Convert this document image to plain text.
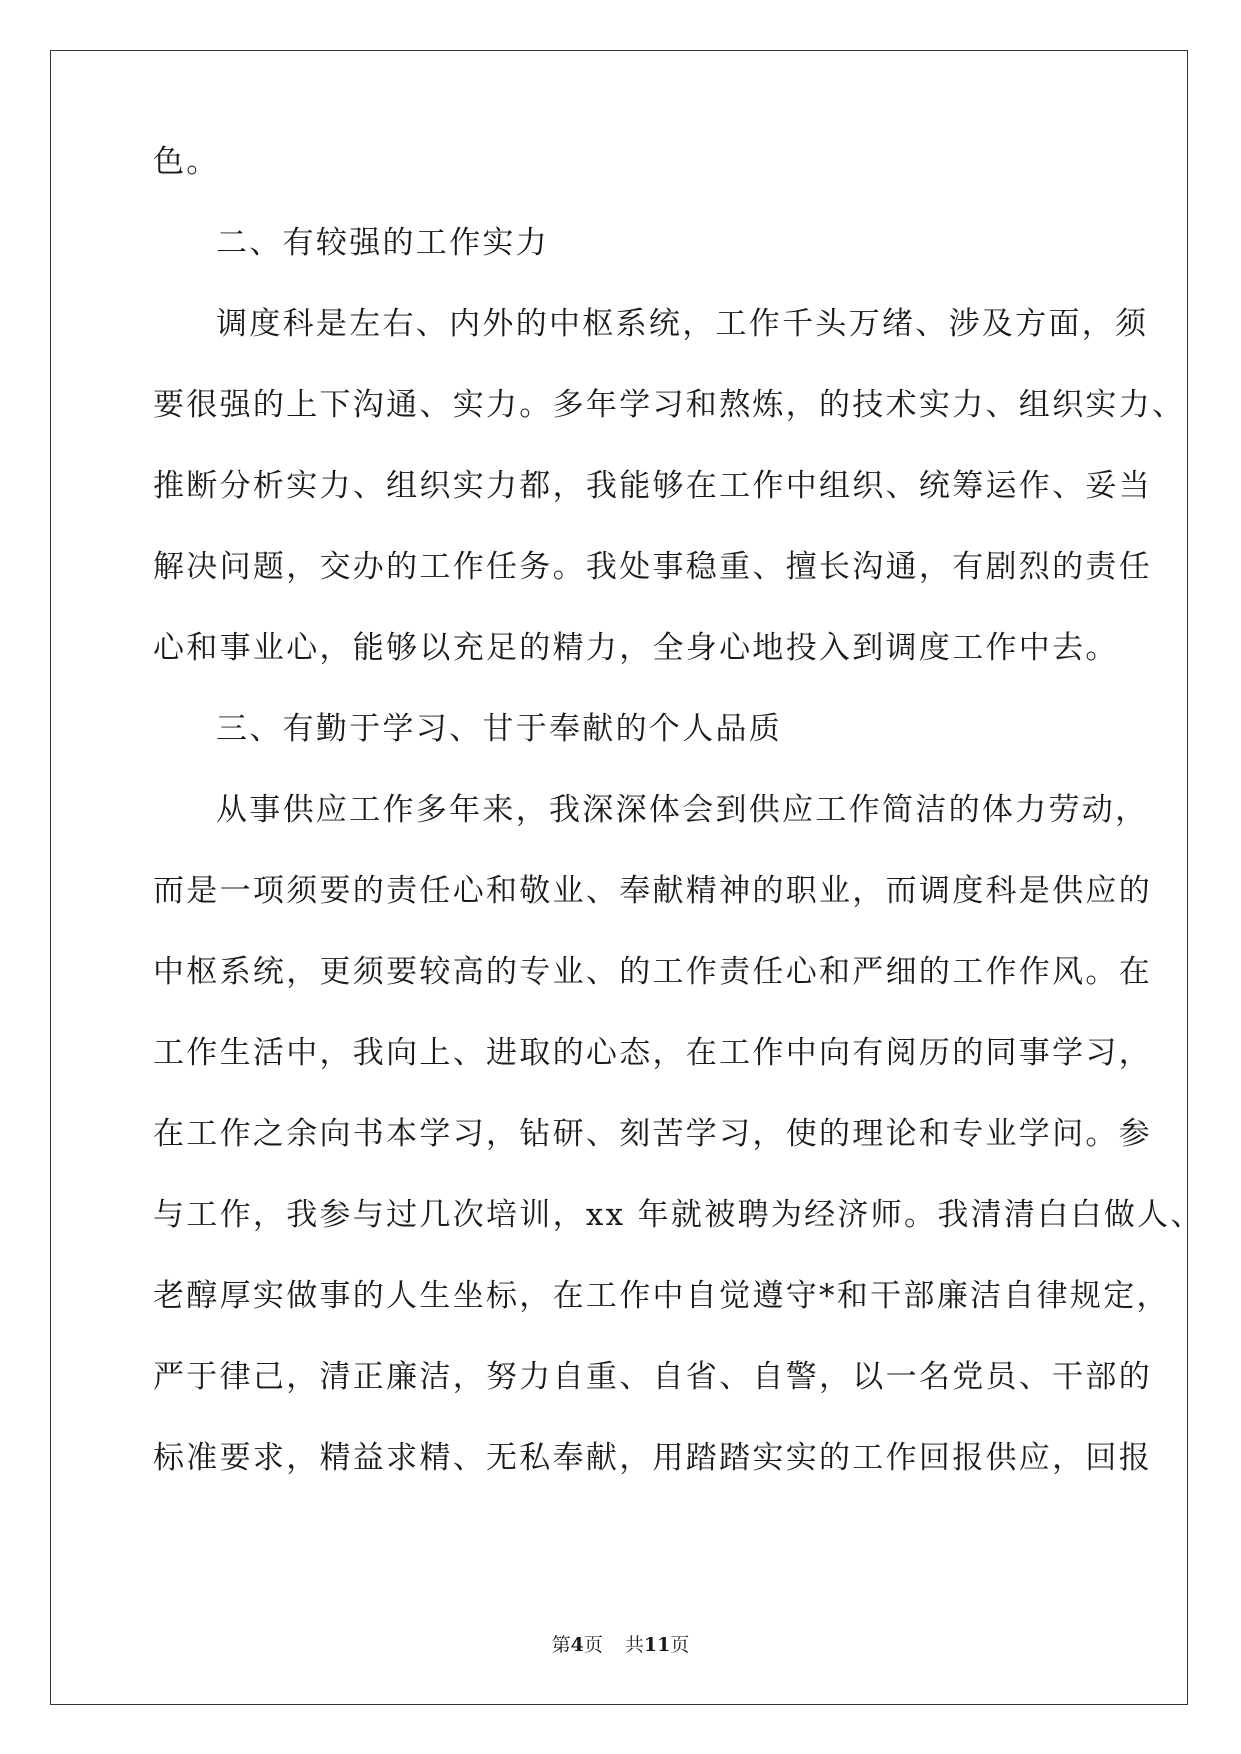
色。
二、有较强的工作实力
调度科是左右、内外的中枢系统，工作千头万绪、涉及方面，须
要很强的上下沟通、实力。多年学习和熬炼，的技术实力、组织实力、
推断分析实力、组织实力都，我能够在工作中组织、统筹运作、妥当
解决问题，交办的工作任务。我处事稳重、擅长沟通，有剧烈的责任
心和事业心，能够以充足的精力，全身心地投入到调度工作中去。
三、有勤于学习、甘于奉献的个人品质
从事供应工作多年来，我深深体会到供应工作简洁的体力劳动，
而是一项须要的责任心和敬业、奉献精神的职业，而调度科是供应的
中枢系统，更须要较高的专业、的工作责任心和严细的工作作风。在
工作生活中，我向上、进取的心态，在工作中向有阅历的同事学习，
在工作之余向书本学习，钻研、刻苦学习，使的理论和专业学问。参
与工作，我参与过几次培训，xx 年就被聘为经济师。我清清白白做人、
老醇厚实做事的人生坐标，在工作中自觉遵守*和干部廉洁自律规定，
严于律己，清正廉洁，努力自重、自省、自警，以一名党员、干部的
标准要求，精益求精、无私奉献，用踏踏实实的工作回报供应，回报
第4页 共11页
